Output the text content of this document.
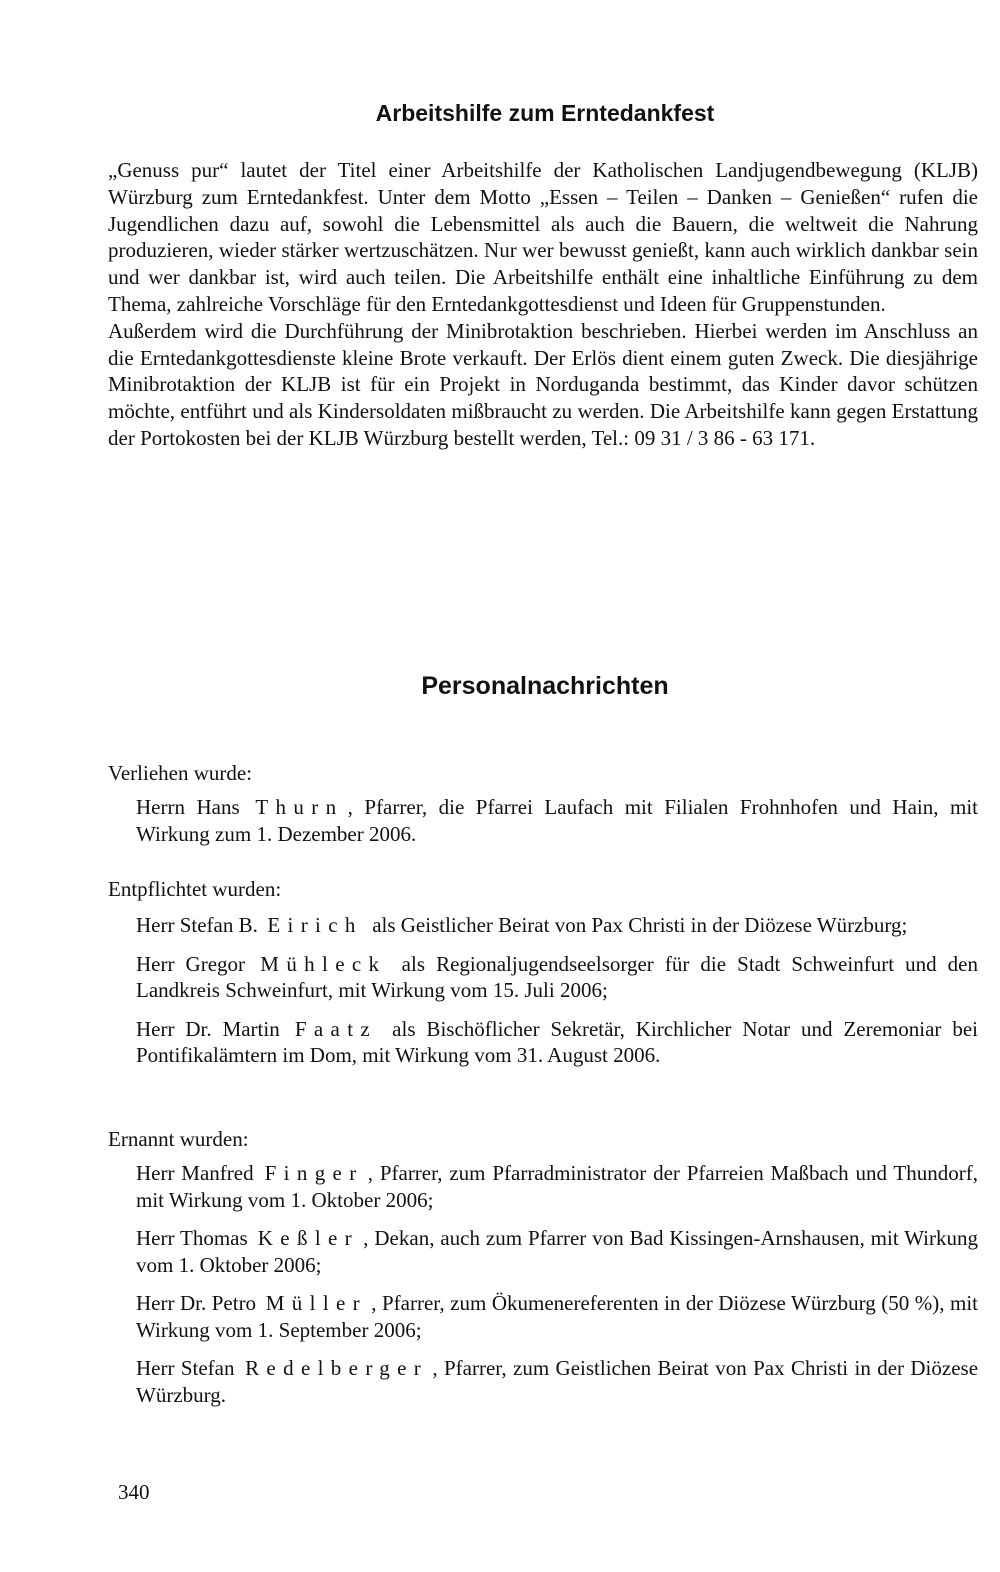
Arbeitshilfe zum Erntedankfest

„Genuss pur“ lautet der Titel einer Arbeitshilfe der Katholischen Landjugendbewegung (KLJB) Würzburg zum Erntedankfest. Unter dem Motto „Essen – Teilen – Danken – Genießen“ rufen die Jugendlichen dazu auf, sowohl die Lebensmittel als auch die Bauern, die weltweit die Nahrung produzieren, wieder stärker wertzuschätzen. Nur wer bewusst genießt, kann auch wirklich dankbar sein und wer dankbar ist, wird auch teilen. Die Arbeitshilfe enthält eine inhaltliche Einführung zu dem Thema, zahlreiche Vorschläge für den Erntedankgottesdienst und Ideen für Gruppenstunden.

Außerdem wird die Durchführung der Minibrotaktion beschrieben. Hierbei werden im Anschluss an die Erntedankgottesdienste kleine Brote verkauft. Der Erlös dient einem guten Zweck. Die diesjährige Minibrotaktion der KLJB ist für ein Projekt in Norduganda bestimmt, das Kinder davor schützen möchte, entführt und als Kindersoldaten mißbraucht zu werden. Die Arbeitshilfe kann gegen Erstattung der Portokosten bei der KLJB Würzburg bestellt werden, Tel.: 09 31 / 3 86 - 63 171.

Personalnachrichten

Verliehen wurde:

Herrn Hans Thurn , Pfarrer, die Pfarrei Laufach mit Filialen Frohnhofen und Hain, mit Wirkung zum 1. Dezember 2006.

Entpflichtet wurden:

Herr Stefan B. Eirich als Geistlicher Beirat von Pax Christi in der Diözese Würzburg;
Herr Gregor Mühleck als Regionaljugendseelsorger für die Stadt Schweinfurt und den Landkreis Schweinfurt, mit Wirkung vom 15. Juli 2006;
Herr Dr. Martin Faatz als Bischöflicher Sekretär, Kirchlicher Notar und Zeremoniar bei Pontifikalämtern im Dom, mit Wirkung vom 31. August 2006.

Ernannt wurden:

Herr Manfred Finger , Pfarrer, zum Pfarradministrator der Pfarreien Maßbach und Thundorf, mit Wirkung vom 1. Oktober 2006;
Herr Thomas Keßler , Dekan, auch zum Pfarrer von Bad Kissingen-Arnshausen, mit Wirkung vom 1. Oktober 2006;
Herr Dr. Petro Müller , Pfarrer, zum Ökumenereferenten in der Diözese Würzburg (50 %), mit Wirkung vom 1. September 2006;
Herr Stefan Redelberger , Pfarrer, zum Geistlichen Beirat von Pax Christi in der Diözese Würzburg.
340
